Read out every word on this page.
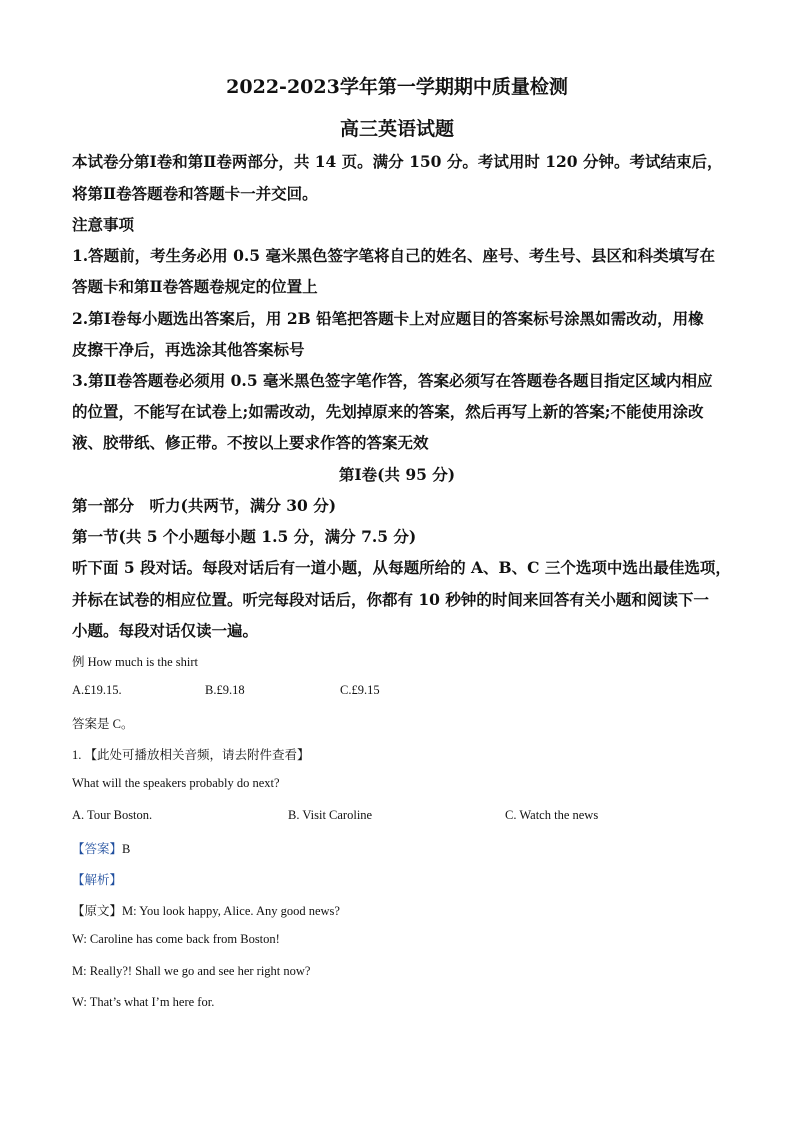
2022-2023学年第一学期期中质量检测
高三英语试题
本试卷分第Ⅰ卷和第Ⅱ卷两部分，共 14 页。满分 150 分。考试用时 120 分钟。考试结束后，
将第Ⅱ卷答题卷和答题卡一并交回。
注意事项
1.答题前，考生务必用 0.5 毫米黑色签字笔将自己的姓名、座号、考生号、县区和科类填写在
答题卡和第Ⅱ卷答题卷规定的位置上
2.第Ⅰ卷每小题选出答案后，用 2B 铅笔把答题卡上对应题目的答案标号涂黑如需改动，用橡
皮擦干净后，再选涂其他答案标号
3.第Ⅱ卷答题卷必须用 0.5 毫米黑色签字笔作答，答案必须写在答题卷各题目指定区域内相应
的位置，不能写在试卷上;如需改动，先划掉原来的答案，然后再写上新的答案;不能使用涂改
液、胶带纸、修正带。不按以上要求作答的答案无效
第Ⅰ卷(共 95 分)
第一部分　听力(共两节，满分 30 分)
第一节(共 5 个小题每小题 1.5 分，满分 7.5 分)
听下面 5 段对话。每段对话后有一道小题，从每题所给的 A、B、C 三个选项中选出最佳选项，
并标在试卷的相应位置。听完每段对话后，你都有 10 秒钟的时间来回答有关小题和阅读下一
小题。每段对话仅读一遍。
例 How much is the shirt
A.£19.15.	B.£9.18	C.£9.15
答案是 C。
1. 【此处可播放相关音频，请去附件查看】
What will the speakers probably do next?
A. Tour Boston.	B. Visit Caroline	C. Watch the news
【答案】B
【解析】
【原文】M: You look happy, Alice. Any good news?
W: Caroline has come back from Boston!
M: Really?! Shall we go and see her right now?
W: That’s what I’m here for.
